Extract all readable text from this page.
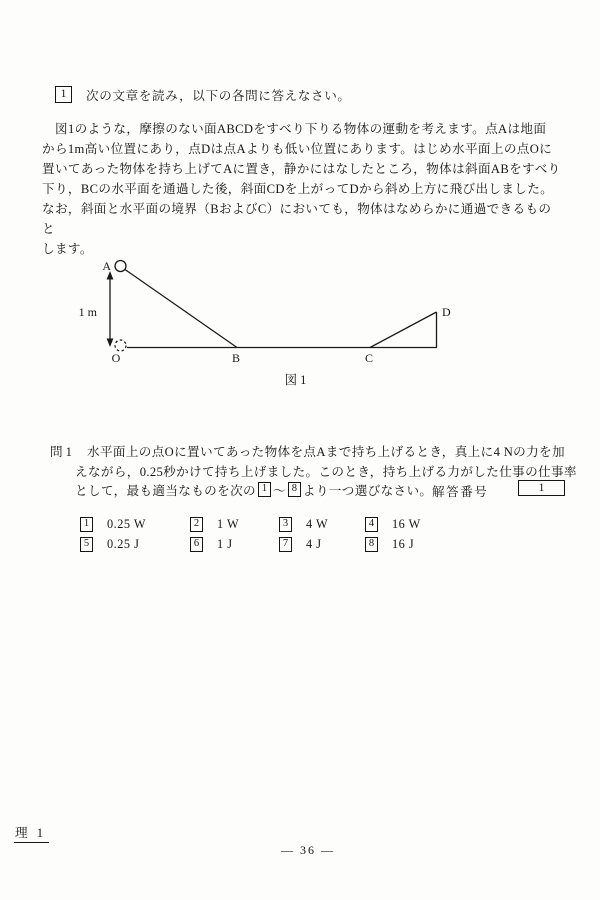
1	次の文章を読み，以下の各問に答えなさい。
図1のような，摩擦のない面ABCDをすべり下りる物体の運動を考えます。点Aは地面
から1m高い位置にあり，点Dは点Aよりも低い位置にあります。はじめ水平面上の点Oに
置いてあった物体を持ち上げてAに置き，静かにはなしたところ，物体は斜面ABをすべり
下り，BCの水平面を通過した後，斜面CDを上がってDから斜め上方に飛び出しました。
なお，斜面と水平面の境界（BおよびC）においても，物体はなめらかに通過できるものと
します。
A
1 m
O	B	C
D
図1
問1 水平面上の点Oに置いてあった物体を点Aまで持ち上げるとき，真上に4 Nの力を加
えながら，0.25秒かけて持ち上げました。このとき，持ち上げる力がした仕事の仕事率
として，最も適当なものを次の 1 ～ 8 より一つ選びなさい。 解答番号	1
1	0.25 W	2	1 W	3	4 W	4	16 W
5	0.25 J	6	1 J	7	4 J	8	16 J
理 1
— 36 —
